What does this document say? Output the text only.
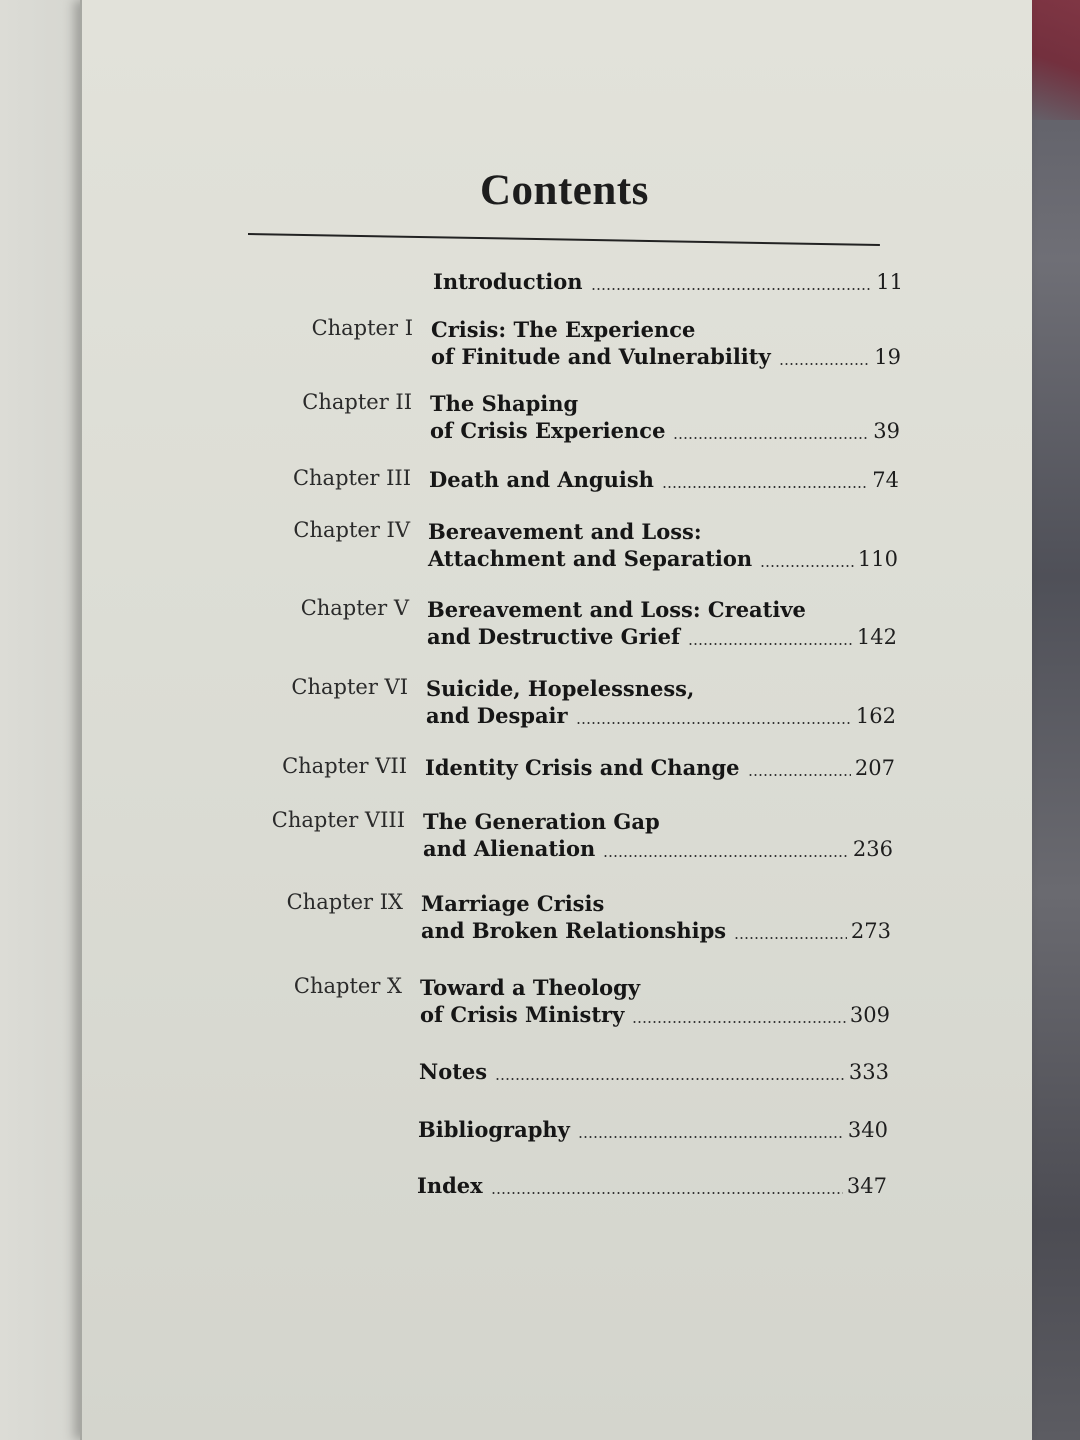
Contents
Introduction	11
Chapter I Crisis: The Experience
of Finitude and Vulnerability	19
Chapter II The Shaping
of Crisis Experience	39
Chapter III Death and Anguish	74
Chapter IV Bereavement and Loss:
Attachment and Separation	110
Chapter V Bereavement and Loss: Creative
and Destructive Grief	142
Chapter VI Suicide, Hopelessness,
and Despair	162
Chapter VII Identity Crisis and Change	207
Chapter VIII The Generation Gap
and Alienation	236
Chapter IX Marriage Crisis
and Broken Relationships	273
Chapter X Toward a Theology
of Crisis Ministry	309
Notes	333
Bibliography	340
Index	347
